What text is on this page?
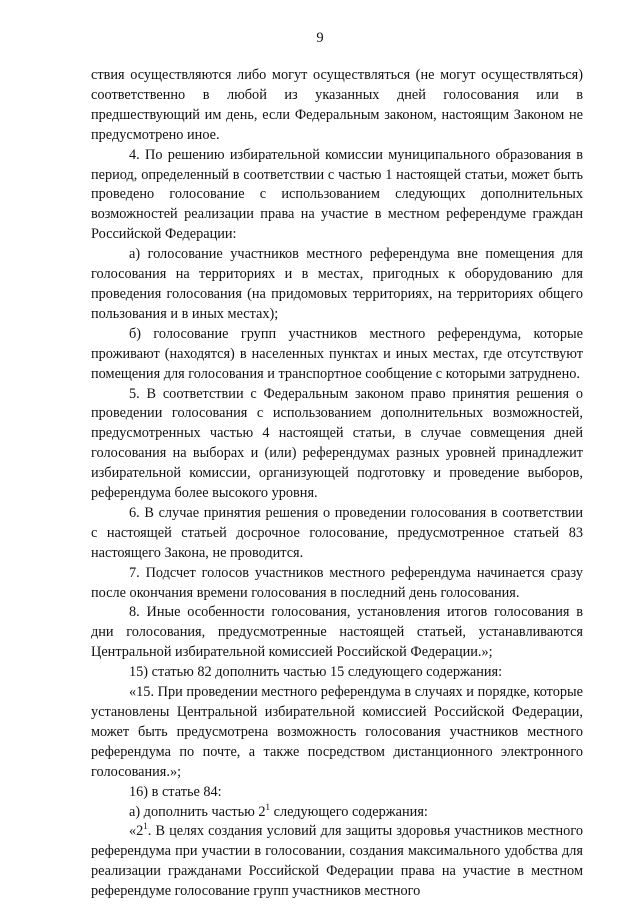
9

ствия осуществляются либо могут осуществляться (не могут осуществляться) соответственно в любой из указанных дней голосования или в предшествующий им день, если Федеральным законом, настоящим Законом не предусмотрено иное.

4. По решению избирательной комиссии муниципального образования в период, определенный в соответствии с частью 1 настоящей статьи, может быть проведено голосование с использованием следующих дополнительных возможностей реализации права на участие в местном референдуме граждан Российской Федерации:

а) голосование участников местного референдума вне помещения для голосования на территориях и в местах, пригодных к оборудованию для проведения голосования (на придомовых территориях, на территориях общего пользования и в иных местах);

б) голосование групп участников местного референдума, которые проживают (находятся) в населенных пунктах и иных местах, где отсутствуют помещения для голосования и транспортное сообщение с которыми затруднено.

5. В соответствии с Федеральным законом право принятия решения о проведении голосования с использованием дополнительных возможностей, предусмотренных частью 4 настоящей статьи, в случае совмещения дней голосования на выборах и (или) референдумах разных уровней принадлежит избирательной комиссии, организующей подготовку и проведение выборов, референдума более высокого уровня.

6. В случае принятия решения о проведении голосования в соответствии с настоящей статьей досрочное голосование, предусмотренное статьей 83 настоящего Закона, не проводится.

7. Подсчет голосов участников местного референдума начинается сразу после окончания времени голосования в последний день голосования.

8. Иные особенности голосования, установления итогов голосования в дни голосования, предусмотренные настоящей статьей, устанавливаются Центральной избирательной комиссией Российской Федерации.»;

15) статью 82 дополнить частью 15 следующего содержания:

«15. При проведении местного референдума в случаях и порядке, которые установлены Центральной избирательной комиссией Российской Федерации, может быть предусмотрена возможность голосования участников местного референдума по почте, а также посредством дистанционного электронного голосования.»;

16) в статье 84:

а) дополнить частью $2^1$ следующего содержания:

«$2^1$. В целях создания условий для защиты здоровья участников местного референдума при участии в голосовании, создания максимального удобства для реализации гражданами Российской Федерации права на участие в местном референдуме голосование групп участников местного
